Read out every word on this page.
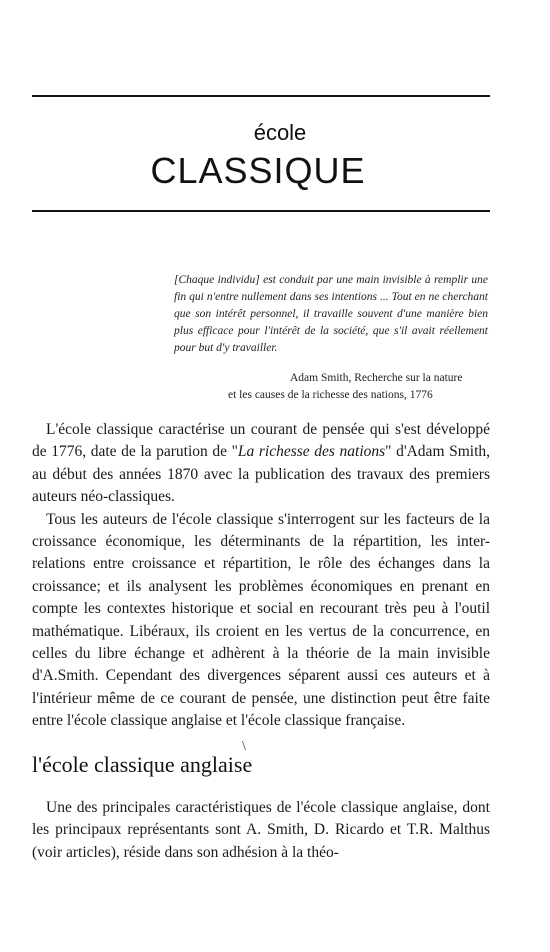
école
CLASSIQUE

[Chaque individu] est conduit par une main invisible à remplir une fin qui n'entre nullement dans ses intentions ... Tout en ne cherchant que son intérêt personnel, il travaille souvent d'une manière bien plus efficace pour l'intérêt de la société, que s'il avait réellement pour but d'y travailler.

Adam Smith, Recherche sur la nature
et les causes de la richesse des nations, 1776

L'école classique caractérise un courant de pensée qui s'est développé de 1776, date de la parution de "La richesse des nations" d'Adam Smith, au début des années 1870 avec la publication des travaux des premiers auteurs néo-classiques.

Tous les auteurs de l'école classique s'interrogent sur les facteurs de la croissance économique, les déterminants de la répartition, les inter-relations entre croissance et répartition, le rôle des échanges dans la croissance; et ils analysent les problèmes économiques en prenant en compte les contextes historique et social en recourant très peu à l'outil mathématique. Libéraux, ils croient en les vertus de la concurrence, en celles du libre échange et adhèrent à la théorie de la main invisible d'A.Smith. Cependant des divergences séparent aussi ces auteurs et à l'intérieur même de ce courant de pensée, une distinction peut être faite entre l'école classique anglaise et l'école classique française.

\
l'école classique anglaise

Une des principales caractéristiques de l'école classique anglaise, dont les principaux représentants sont A. Smith, D. Ricardo et T.R. Malthus (voir articles), réside dans son adhésion à la théo-
